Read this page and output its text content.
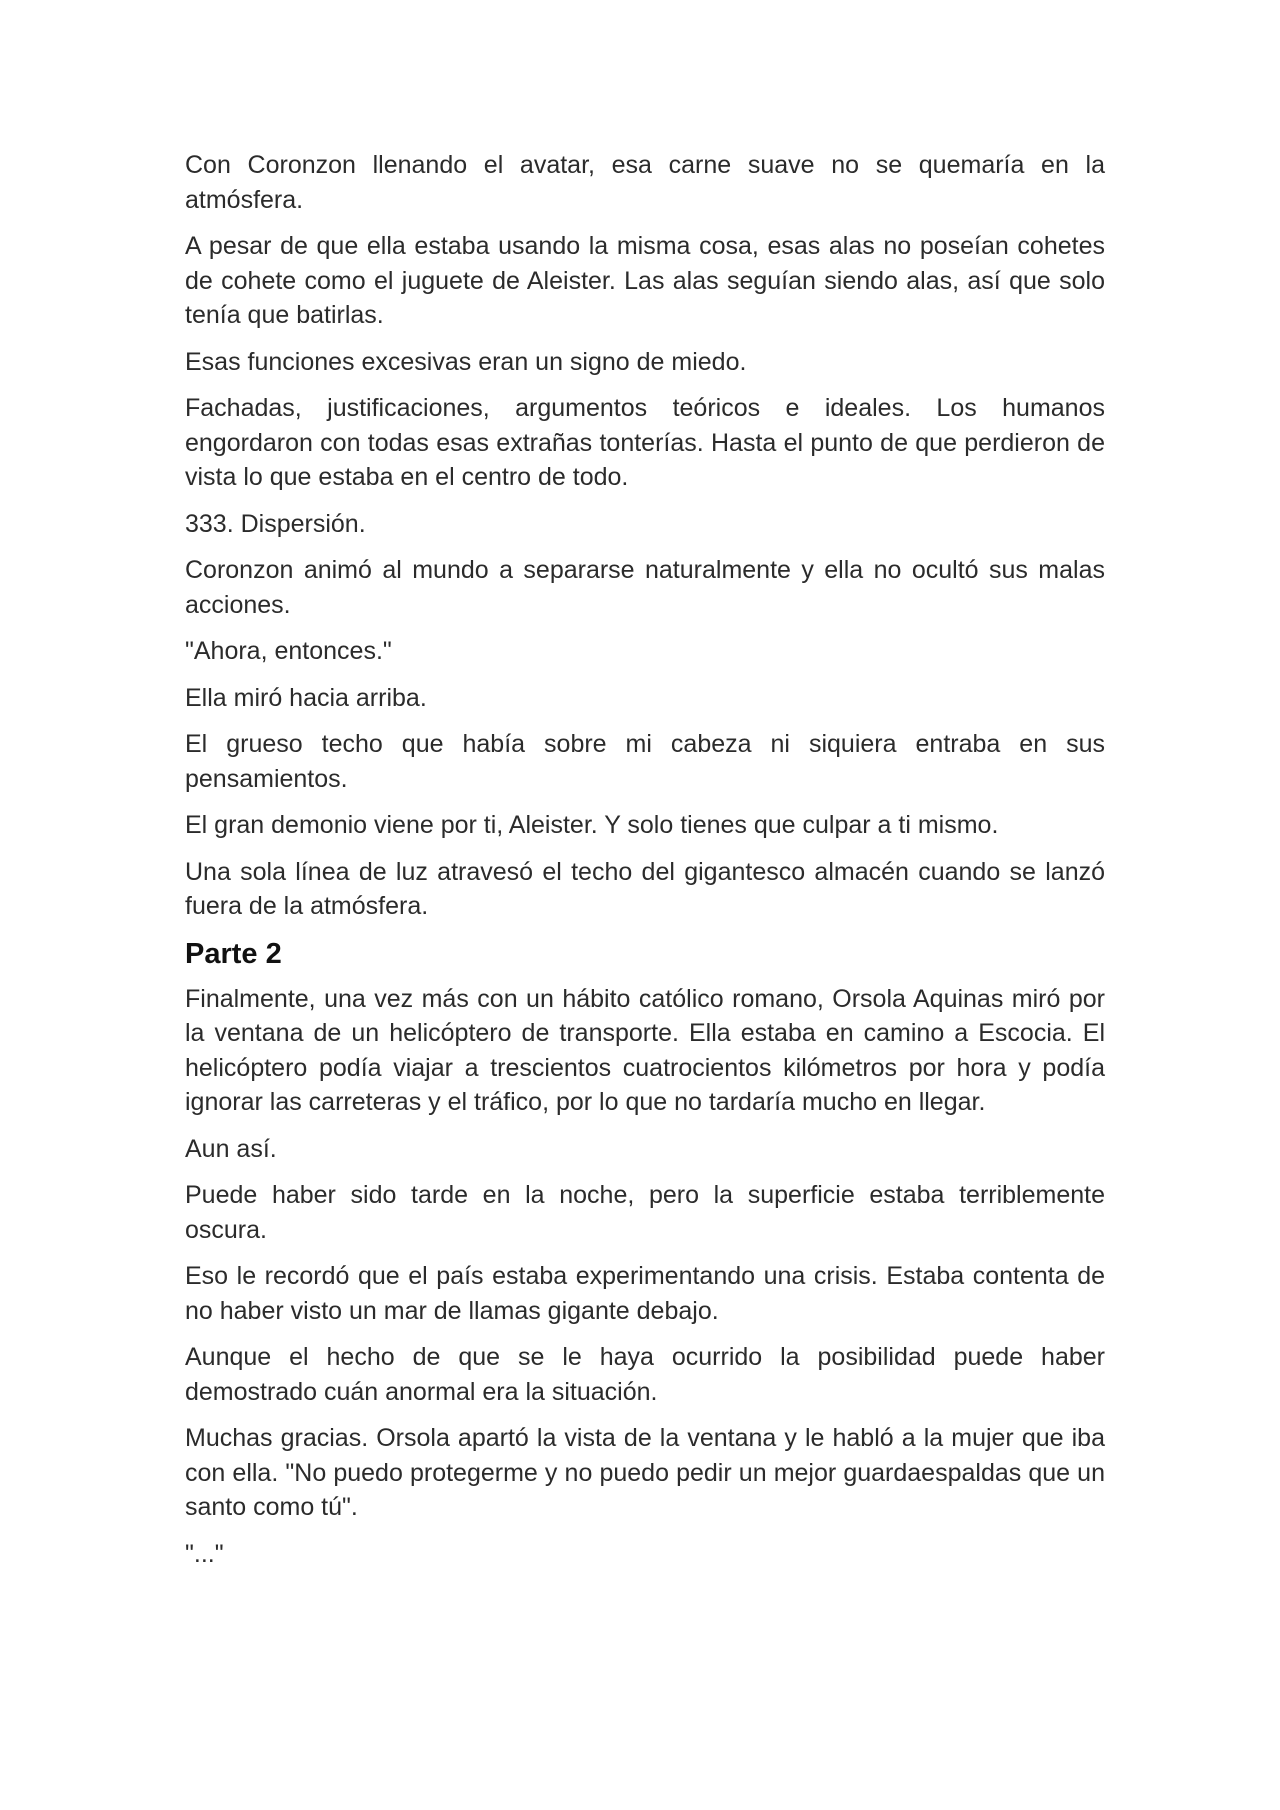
Con Coronzon llenando el avatar, esa carne suave no se quemaría en la atmósfera.

A pesar de que ella estaba usando la misma cosa, esas alas no poseían cohetes de cohete como el juguete de Aleister. Las alas seguían siendo alas, así que solo tenía que batirlas.

Esas funciones excesivas eran un signo de miedo.

Fachadas, justificaciones, argumentos teóricos e ideales. Los humanos engordaron con todas esas extrañas tonterías. Hasta el punto de que perdieron de vista lo que estaba en el centro de todo.

333. Dispersión.

Coronzon animó al mundo a separarse naturalmente y ella no ocultó sus malas acciones.

"Ahora, entonces."

Ella miró hacia arriba.

El grueso techo que había sobre mi cabeza ni siquiera entraba en sus pensamientos.

El gran demonio viene por ti, Aleister. Y solo tienes que culpar a ti mismo.

Una sola línea de luz atravesó el techo del gigantesco almacén cuando se lanzó fuera de la atmósfera.

Parte 2

Finalmente, una vez más con un hábito católico romano, Orsola Aquinas miró por la ventana de un helicóptero de transporte. Ella estaba en camino a Escocia. El helicóptero podía viajar a trescientos cuatrocientos kilómetros por hora y podía ignorar las carreteras y el tráfico, por lo que no tardaría mucho en llegar.

Aun así.

Puede haber sido tarde en la noche, pero la superficie estaba terriblemente oscura.

Eso le recordó que el país estaba experimentando una crisis. Estaba contenta de no haber visto un mar de llamas gigante debajo.

Aunque el hecho de que se le haya ocurrido la posibilidad puede haber demostrado cuán anormal era la situación.

Muchas gracias. Orsola apartó la vista de la ventana y le habló a la mujer que iba con ella. "No puedo protegerme y no puedo pedir un mejor guardaespaldas que un santo como tú".

"..."
